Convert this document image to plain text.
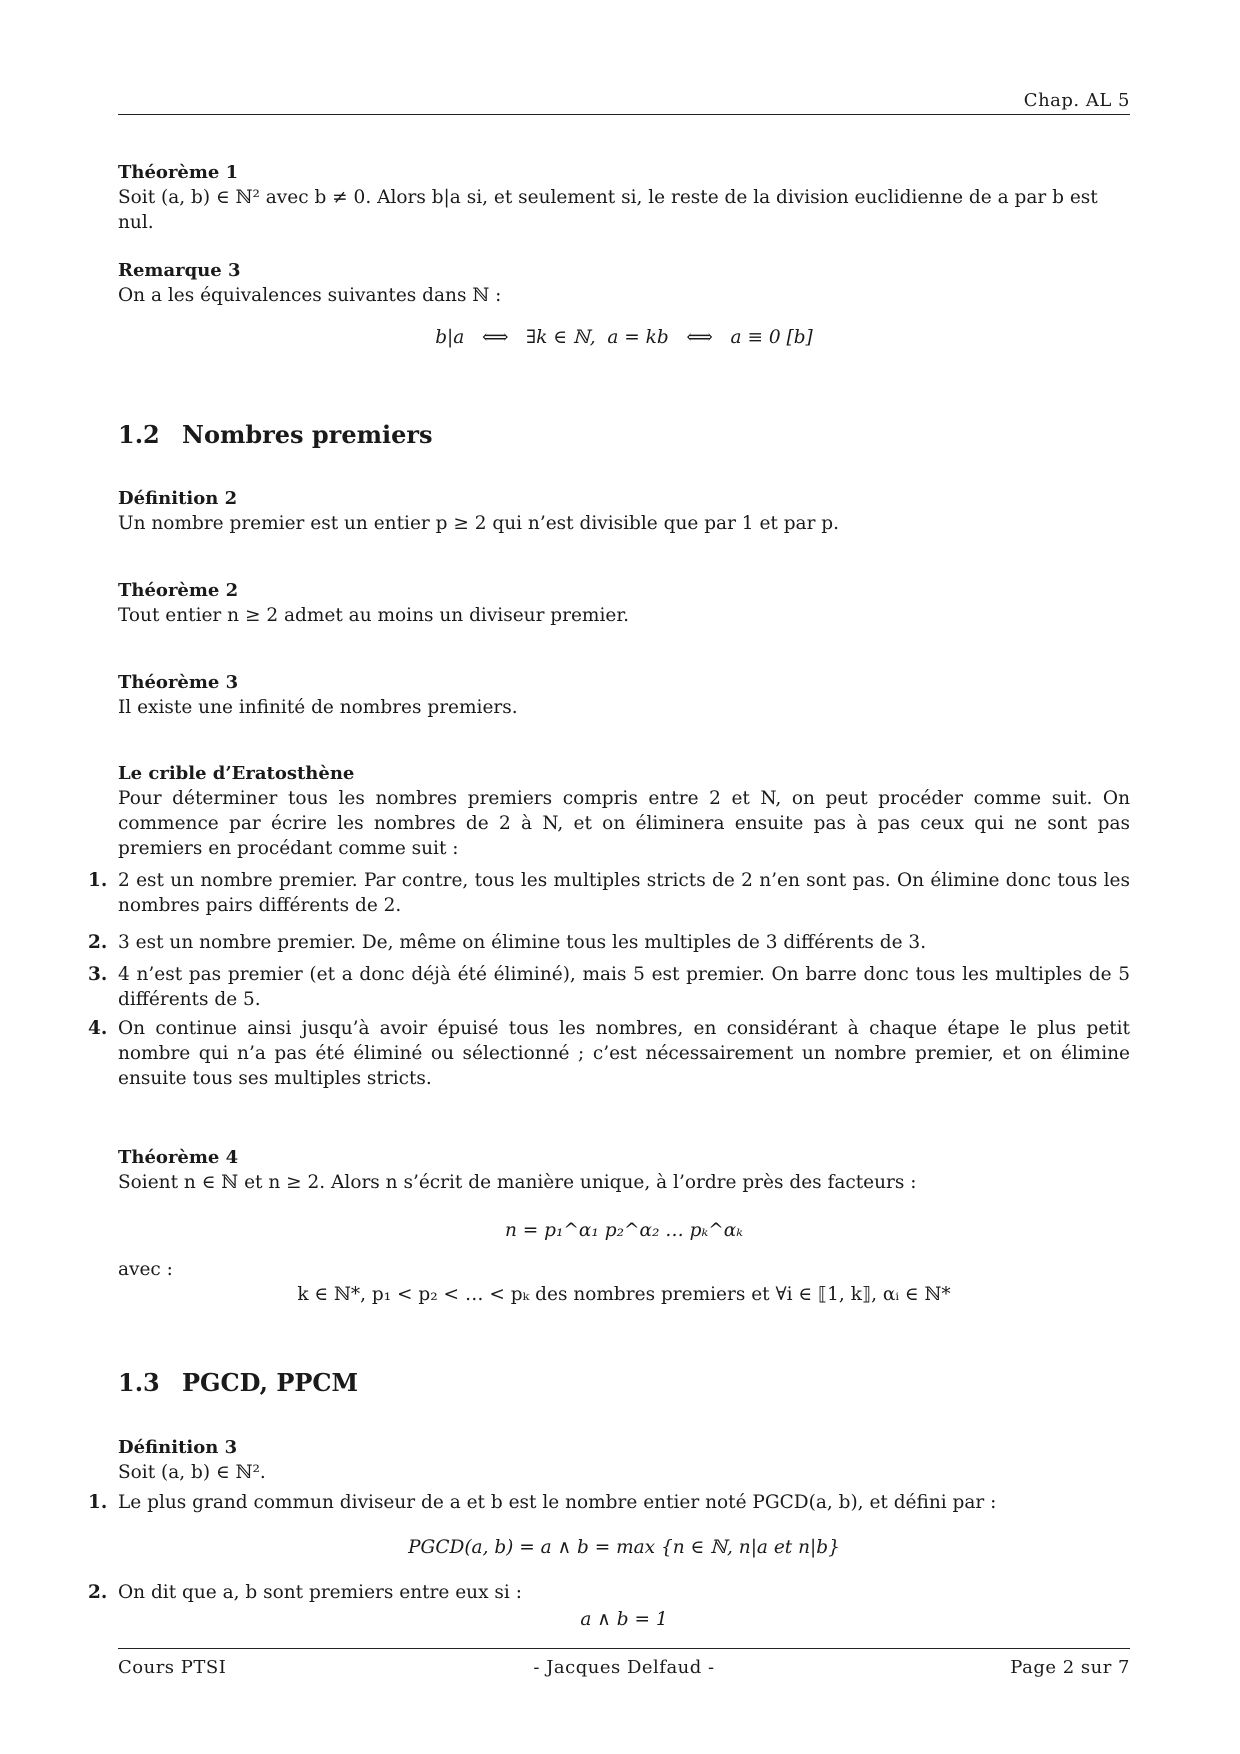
Chap. AL 5
Théorème 1
Soit (a, b) ∈ ℕ² avec b ≠ 0. Alors b|a si, et seulement si, le reste de la division euclidienne de a par b est nul.
Remarque 3
On a les équivalences suivantes dans ℕ :
b|a   ⟺   ∃k ∈ ℕ,  a = kb   ⟺   a ≡ 0 [b]
1.2 Nombres premiers
Définition 2
Un nombre premier est un entier p ≥ 2 qui n’est divisible que par 1 et par p.
Théorème 2
Tout entier n ≥ 2 admet au moins un diviseur premier.
Théorème 3
Il existe une infinité de nombres premiers.
Le crible d’Eratosthène
Pour déterminer tous les nombres premiers compris entre 2 et N, on peut procéder comme suit. On commence par écrire les nombres de 2 à N, et on éliminera ensuite pas à pas ceux qui ne sont pas premiers en procédant comme suit :
1. 2 est un nombre premier. Par contre, tous les multiples stricts de 2 n’en sont pas. On élimine donc tous les nombres pairs différents de 2.
2. 3 est un nombre premier. De, même on élimine tous les multiples de 3 différents de 3.
3. 4 n’est pas premier (et a donc déjà été éliminé), mais 5 est premier. On barre donc tous les multiples de 5 différents de 5.
4. On continue ainsi jusqu’à avoir épuisé tous les nombres, en considérant à chaque étape le plus petit nombre qui n’a pas été éliminé ou sélectionné ; c’est nécessairement un nombre premier, et on élimine ensuite tous ses multiples stricts.
Théorème 4
Soient n ∈ ℕ et n ≥ 2. Alors n s’écrit de manière unique, à l’ordre près des facteurs :
n = p₁^α₁ p₂^α₂ … pₖ^αₖ
avec :
k ∈ ℕ*, p₁ < p₂ < … < pₖ des nombres premiers et ∀i ∈ ⟦1, k⟧, αᵢ ∈ ℕ*
1.3 PGCD, PPCM
Définition 3
Soit (a, b) ∈ ℕ².
1. Le plus grand commun diviseur de a et b est le nombre entier noté PGCD(a, b), et défini par :
PGCD(a, b) = a ∧ b = max {n ∈ ℕ, n|a et n|b}
2. On dit que a, b sont premiers entre eux si :
a ∧ b = 1
Cours PTSI	- Jacques Delfaud -	Page 2 sur 7
